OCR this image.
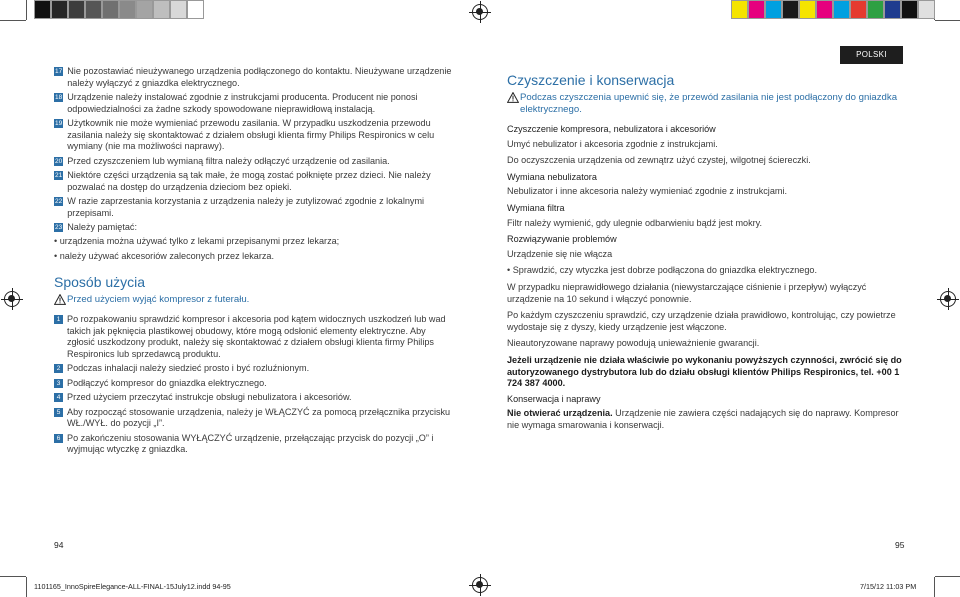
17 Nie pozostawiać nieużywanego urządzenia podłączonego do kontaktu. Nieużywane urządzenie należy wyłączyć z gniazdka elektrycznego.
18 Urządzenie należy instalować zgodnie z instrukcjami producenta. Producent nie ponosi odpowiedzialności za żadne szkody spowodowane nieprawidłową instalacją.
19 Użytkownik nie może wymieniać przewodu zasilania. W przypadku uszkodzenia przewodu zasilania należy się skontaktować z działem obsługi klienta firmy Philips Respironics w celu wymiany (nie ma możliwości naprawy).
20 Przed czyszczeniem lub wymianą filtra należy odłączyć urządzenie od zasilania.
21 Niektóre części urządzenia są tak małe, że mogą zostać połknięte przez dzieci. Nie należy pozwalać na dostęp do urządzenia dzieciom bez opieki.
22 W razie zaprzestania korzystania z urządzenia należy je zutylizować zgodnie z lokalnymi przepisami.
23 Należy pamiętać:
• urządzenia można używać tylko z lekami przepisanymi przez lekarza;
• należy używać akcesoriów zaleconych przez lekarza.
Sposób użycia
Przed użyciem wyjąć kompresor z futerału.
1 Po rozpakowaniu sprawdzić kompresor i akcesoria pod kątem widocznych uszkodzeń lub wad takich jak pęknięcia plastikowej obudowy, które mogą odsłonić elementy elektryczne. Aby zgłosić uszkodzony produkt, należy się skontaktować z działem obsługi klienta firmy Philips Respironics lub sprzedawcą produktu.
2 Podczas inhalacji należy siedzieć prosto i być rozluźnionym.
3 Podłączyć kompresor do gniazdka elektrycznego.
4 Przed użyciem przeczytać instrukcje obsługi nebulizatora i akcesoriów.
5 Aby rozpocząć stosowanie urządzenia, należy je WŁĄCZYĆ za pomocą przełącznika przycisku WŁ./WYŁ. do pozycji „I”.
6 Po zakończeniu stosowania WYŁĄCZYĆ urządzenie, przełączając przycisk do pozycji „O” i wyjmując wtyczkę z gniazdka.
POLSKI
Czyszczenie i konserwacja
Podczas czyszczenia upewnić się, że przewód zasilania nie jest podłączony do gniazdka elektrycznego.
Czyszczenie kompresora, nebulizatora i akcesoriów
Umyć nebulizator i akcesoria zgodnie z instrukcjami.
Do oczyszczenia urządzenia od zewnątrz użyć czystej, wilgotnej ściereczki.
Wymiana nebulizatora
Nebulizator i inne akcesoria należy wymieniać zgodnie z instrukcjami.
Wymiana filtra
Filtr należy wymienić, gdy ulegnie odbarwieniu bądź jest mokry.
Rozwiązywanie problemów
Urządzenie się nie włącza
• Sprawdzić, czy wtyczka jest dobrze podłączona do gniazdka elektrycznego.
W przypadku nieprawidłowego działania (niewystarczające ciśnienie i przepływ) wyłączyć urządzenie na 10 sekund i włączyć ponownie.
Po każdym czyszczeniu sprawdzić, czy urządzenie działa prawidłowo, kontrolując, czy powietrze wydostaje się z dyszy, kiedy urządzenie jest włączone.
Nieautoryzowane naprawy powodują unieważnienie gwarancji.
Jeżeli urządzenie nie działa właściwie po wykonaniu powyższych czynności, zwrócić się do autoryzowanego dystrybutora lub do działu obsługi klientów Philips Respironics, tel. +00 1 724 387 4000.
Konserwacja i naprawy
Nie otwierać urządzenia. Urządzenie nie zawiera części nadających się do naprawy. Kompresor nie wymaga smarowania i konserwacji.
94	95
1101165_InnoSpireElegance-ALL-FINAL-15July12.indd 94-95	7/15/12 11:03 PM
